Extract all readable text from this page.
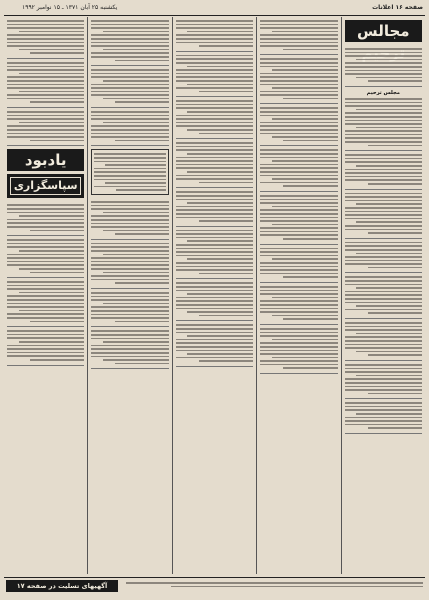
صفحه ۱۶ اعلانات
یکشنبه ۲۵ آبان ۱۳۷۱ ـ ۱۵ نوامبر ۱۹۹۲
مجالس
مجلس ترحیم
یادبود
سپاسگزاری
آگهیهای تسلیت در صفحه ۱۷
